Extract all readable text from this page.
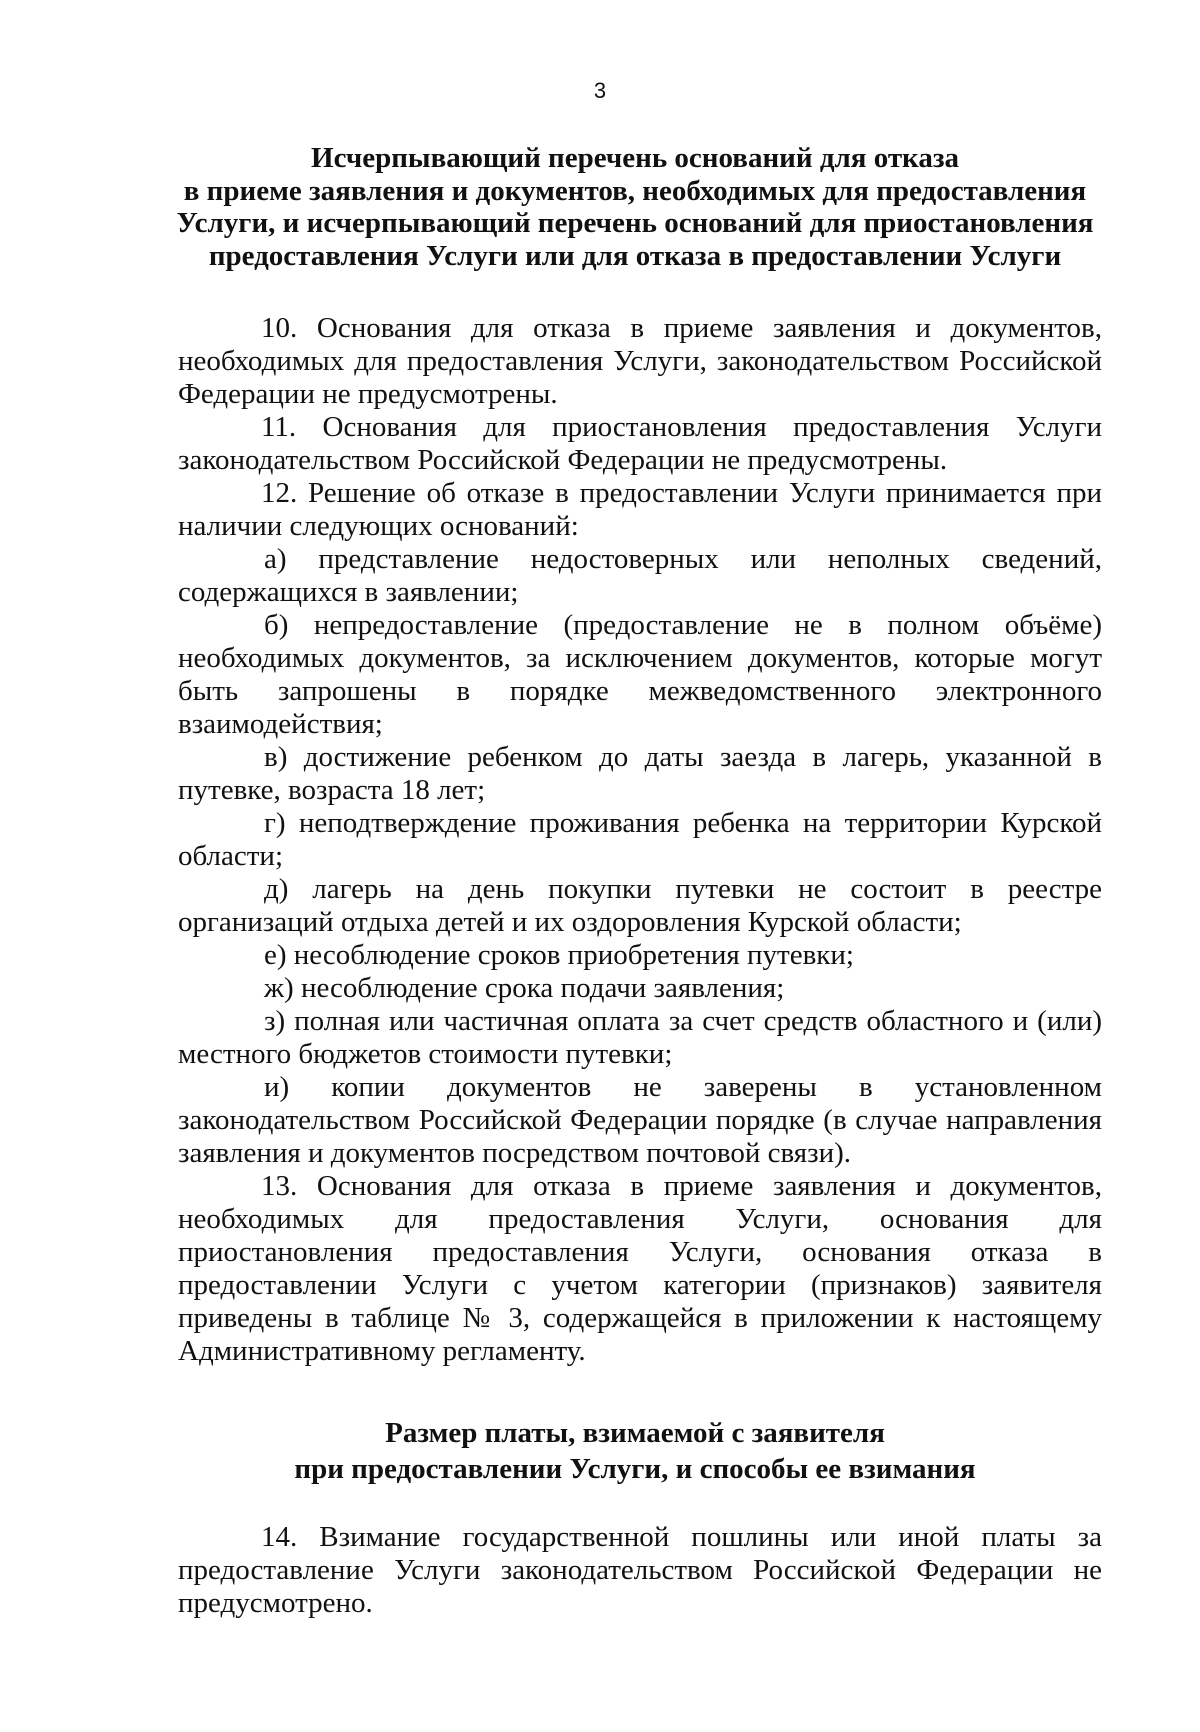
3
Исчерпывающий перечень оснований для отказа
в приеме заявления и документов, необходимых для предоставления
Услуги, и исчерпывающий перечень оснований для приостановления
предоставления Услуги или для отказа в предоставлении Услуги

10. Основания для отказа в приеме заявления и документов, необходимых для предоставления Услуги, законодательством Российской Федерации не предусмотрены.

11. Основания для приостановления предоставления Услуги законодательством Российской Федерации не предусмотрены.

12. Решение об отказе в предоставлении Услуги принимается при наличии следующих оснований:

а) представление недостоверных или неполных сведений, содержащихся в заявлении;

б) непредоставление (предоставление не в полном объёме) необходимых документов, за исключением документов, которые могут быть запрошены в порядке межведомственного электронного взаимодействия;

в) достижение ребенком до даты заезда в лагерь, указанной в путевке, возраста 18 лет;

г) неподтверждение проживания ребенка на территории Курской области;

д) лагерь на день покупки путевки не состоит в реестре организаций отдыха детей и их оздоровления Курской области;

е) несоблюдение сроков приобретения путевки;

ж) несоблюдение срока подачи заявления;

з) полная или частичная оплата за счет средств областного и (или) местного бюджетов стоимости путевки;

и) копии документов не заверены в установленном законодательством Российской Федерации порядке (в случае направления заявления и документов посредством почтовой связи).

13. Основания для отказа в приеме заявления и документов, необходимых для предоставления Услуги, основания для приостановления предоставления Услуги, основания отказа в предоставлении Услуги с учетом категории (признаков) заявителя приведены в таблице № 3, содержащейся в приложении к настоящему Административному регламенту.

Размер платы, взимаемой с заявителя
при предоставлении Услуги, и способы ее взимания

14. Взимание государственной пошлины или иной платы за предоставление Услуги законодательством Российской Федерации не предусмотрено.
